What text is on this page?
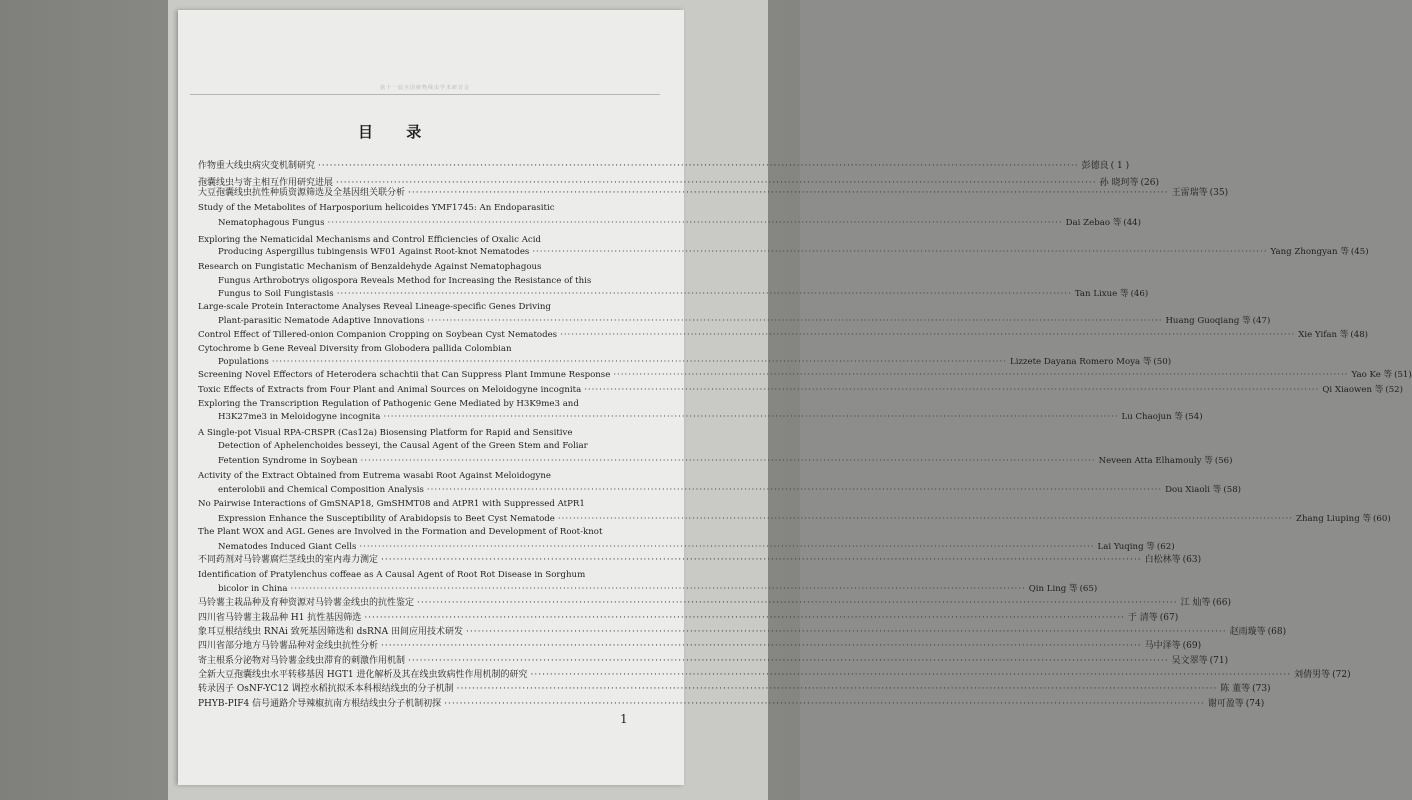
第十一届全国植物线虫学术研讨会
目 录
作物重大线虫病灾变机制研究 ·····	彭德良 ( 1 )
孢囊线虫与寄主相互作用研究进展 ·····	孙 晓珂等 (26)
大豆孢囊线虫抗性种质资源筛选及全基因组关联分析 ·····	王雷瑞等 (35)
Study of the Metabolites of Harposporium helicoides YMF1745: An Endoparasitic
Nematophagous Fungus ·····	Dai Zebao 等 (44)
Exploring the Nematicidal Mechanisms and Control Efficiencies of Oxalic Acid
Producing Aspergillus tubingensis WF01 Against Root-knot Nematodes ·····	Yang Zhongyan 等 (45)
Research on Fungistatic Mechanism of Benzaldehyde Against Nematophagous
Fungus Arthrobotrys oligospora Reveals Method for Increasing the Resistance of this
Fungus to Soil Fungistasis ·····	Tan Lixue 等 (46)
Large-scale Protein Interactome Analyses Reveal Lineage-specific Genes Driving
Plant-parasitic Nematode Adaptive Innovations ·····	Huang Guoqiang 等 (47)
Control Effect of Tillered-onion Companion Cropping on Soybean Cyst Nematodes ·····	Xie Yifan 等 (48)
Cytochrome b Gene Reveal Diversity from Globodera pallida Colombian
Populations ·····	Lizzete Dayana Romero Moya 等 (50)
Screening Novel Effectors of Heterodera schachtii that Can Suppress Plant Immune Response ·····	Yao Ke 等 (51)
Toxic Effects of Extracts from Four Plant and Animal Sources on Meloidogyne incognita ·····	Qi Xiaowen 等 (52)
Exploring the Transcription Regulation of Pathogenic Gene Mediated by H3K9me3 and
H3K27me3 in Meloidogyne incognita ·····	Lu Chaojun 等 (54)
A Single-pot Visual RPA-CRSPR (Cas12a) Biosensing Platform for Rapid and Sensitive
Detection of Aphelenchoides besseyi, the Causal Agent of the Green Stem and Foliar
Fetention Syndrome in Soybean ·····	Neveen Atta Elhamouly 等 (56)
Activity of the Extract Obtained from Eutrema wasabi Root Against Meloidogyne
enterolobii and Chemical Composition Analysis ·····	Dou Xiaoli 等 (58)
No Pairwise Interactions of GmSNAP18, GmSHMT08 and AtPR1 with Suppressed AtPR1
Expression Enhance the Susceptibility of Arabidopsis to Beet Cyst Nematode ·····	Zhang Liuping 等 (60)
The Plant WOX and AGL Genes are Involved in the Formation and Development of Root-knot
Nematodes Induced Giant Cells ·····	Lai Yuqing 等 (62)
不同药剂对马铃薯腐烂茎线虫的室内毒力测定 ·····	白松林等 (63)
Identification of Pratylenchus coffeae as A Causal Agent of Root Rot Disease in Sorghum
bicolor in China ·····	Qin Ling 等 (65)
马铃薯主栽品种及育种资源对马铃薯金线虫的抗性鉴定 ·····	江 灿等 (66)
四川省马铃薯主栽品种 H1 抗性基因筛选 ·····	于 清等 (67)
象耳豆根结线虫 RNAi 致死基因筛选和 dsRNA 田间应用技术研发 ·····	赵雨璇等 (68)
四川省部分地方马铃薯品种对金线虫抗性分析 ·····	马中泽等 (69)
寄主根系分泌物对马铃薯金线虫滞育的刺激作用机制 ·····	吴文翠等 (71)
全新大豆孢囊线虫水平转移基因 HGT1 进化解析及其在线虫致病性作用机制的研究 ·····	刘倩男等 (72)
转录因子 OsNF-YC12 调控水稻抗拟禾本科根结线虫的分子机制 ·····	陈 董等 (73)
PHYB-PIF4 信号通路介导辣椒抗南方根结线虫分子机制初探 ·····	谢可盈等 (74)
1
